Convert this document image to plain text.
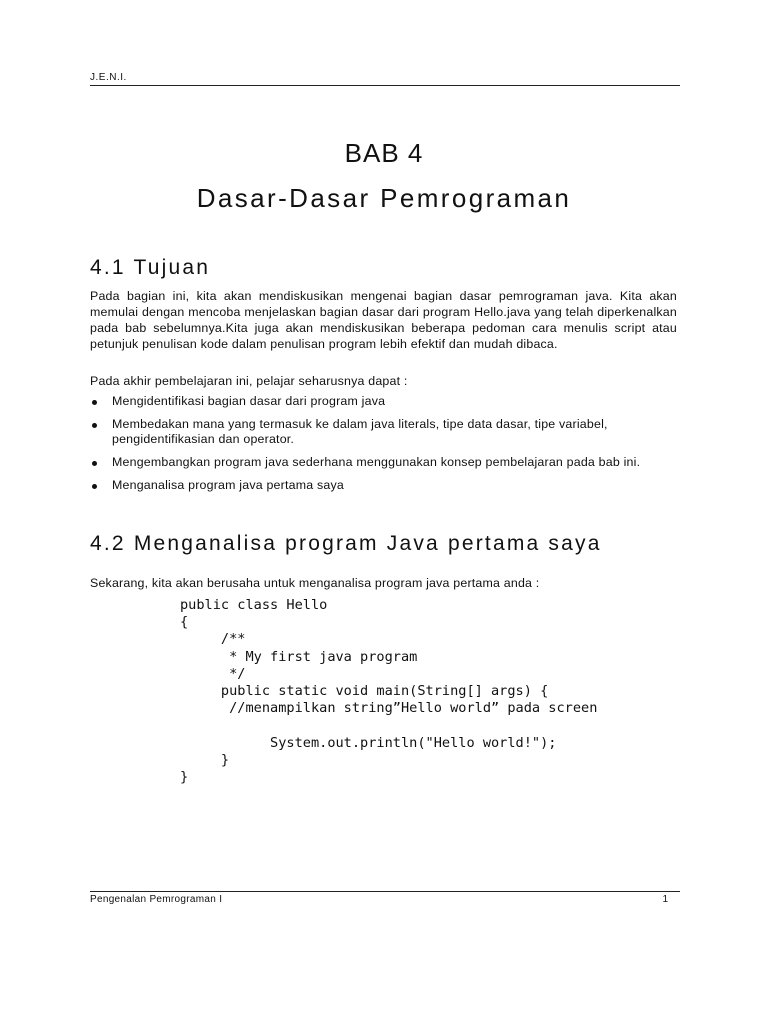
J.E.N.I.
BAB 4
Dasar-Dasar Pemrograman
4.1 Tujuan

Pada bagian ini, kita akan mendiskusikan mengenai bagian dasar pemrograman java. Kita akan memulai dengan mencoba menjelaskan bagian dasar dari program Hello.java yang telah diperkenalkan pada bab sebelumnya.Kita juga akan mendiskusikan beberapa pedoman cara menulis script atau petunjuk penulisan kode dalam penulisan program lebih efektif dan mudah dibaca.

Pada akhir pembelajaran ini, pelajar seharusnya dapat :

Mengidentifikasi bagian dasar dari program java
Membedakan mana yang termasuk ke dalam java literals, tipe data dasar, tipe variabel, pengidentifikasian dan operator.
Mengembangkan program java sederhana menggunakan konsep pembelajaran pada bab ini.
Menganalisa program java pertama saya
4.2 Menganalisa program Java pertama saya

Sekarang, kita akan berusaha untuk menganalisa program java pertama anda :

public class Hello
{
/**
* My first java program
*/
public static void main(String[] args) {
//menampilkan string”Hello world” pada screen
System.out.println("Hello world!");
}
}
Pengenalan Pemrograman I	1
